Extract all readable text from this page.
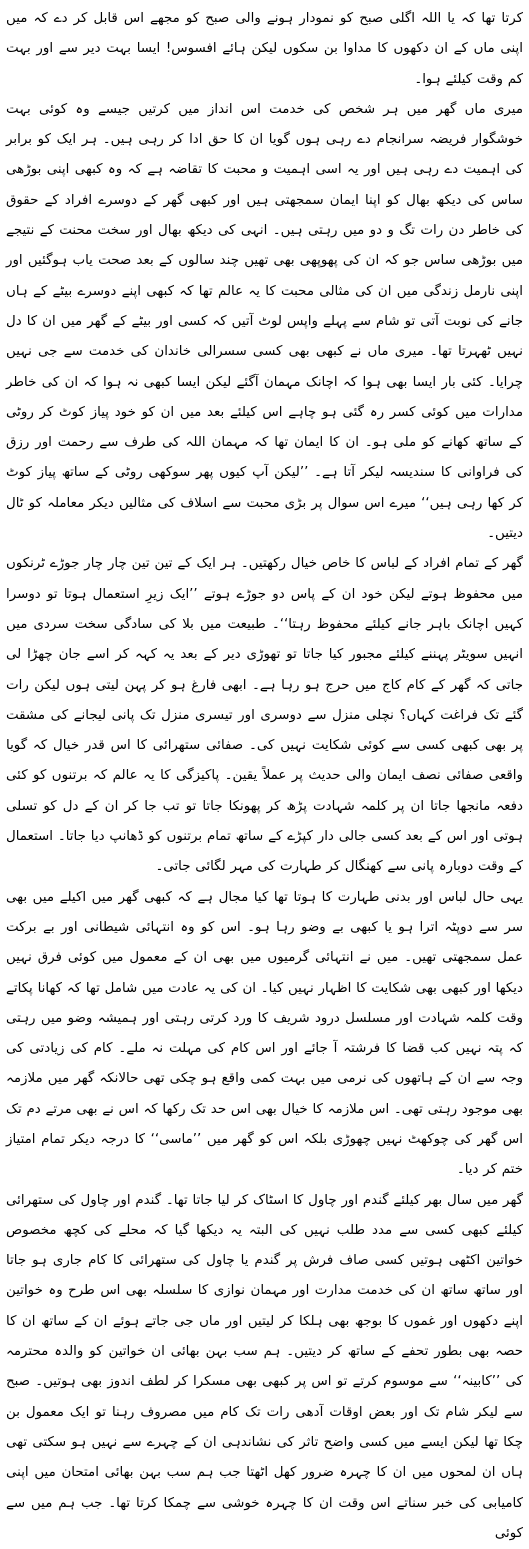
کرتا تھا کہ یا اللہ اگلی صبح کو نمودار ہونے والی صبح کو مجھے اس قابل کر دے کہ میں اپنی ماں کے ان دکھوں کا مداوا بن سکوں لیکن ہائے افسوس! ایسا بہت دیر سے اور بہت کم وقت کیلئے ہوا۔

میری ماں گھر میں ہر شخص کی خدمت اس انداز میں کرتیں جیسے وہ کوئی بہت خوشگوار فریضہ سرانجام دے رہی ہوں گویا ان کا حق ادا کر رہی ہیں۔ ہر ایک کو برابر کی اہمیت دے رہی ہیں اور یہ اسی اہمیت و محبت کا تقاضہ ہے کہ وہ کبھی اپنی بوڑھی ساس کی دیکھ بھال کو اپنا ایمان سمجھتی ہیں اور کبھی گھر کے دوسرے افراد کے حقوق کی خاطر دن رات تگ و دو میں رہتی ہیں۔ انہی کی دیکھ بھال اور سخت محنت کے نتیجے میں بوڑھی ساس جو کہ ان کی پھوپھی بھی تھیں چند سالوں کے بعد صحت یاب ہوگئیں اور اپنی نارمل زندگی میں ان کی مثالی محبت کا یہ عالم تھا کہ کبھی اپنے دوسرے بیٹے کے ہاں جانے کی نوبت آتی تو شام سے پہلے واپس لوٹ آتیں کہ کسی اور بیٹے کے گھر میں ان کا دل نہیں ٹھہرتا تھا۔ میری ماں نے کبھی بھی کسی سسرالی خاندان کی خدمت سے جی نہیں چرایا۔ کئی بار ایسا بھی ہوا کہ اچانک مہمان آگئے لیکن ایسا کبھی نہ ہوا کہ ان کی خاطر مدارات میں کوئی کسر رہ گئی ہو چاہے اس کیلئے بعد میں ان کو خود پیاز کوٹ کر روٹی کے ساتھ کھانے کو ملی ہو۔ ان کا ایمان تھا کہ مہمان اللہ کی طرف سے رحمت اور رزق کی فراوانی کا سندیسہ لیکر آتا ہے۔ ’’لیکن آپ کیوں پھر سوکھی روٹی کے ساتھ پیاز کوٹ کر کھا رہی ہیں‘‘ میرے اس سوال پر بڑی محبت سے اسلاف کی مثالیں دیکر معاملہ کو ٹال دیتیں۔

گھر کے تمام افراد کے لباس کا خاص خیال رکھتیں۔ ہر ایک کے تین تین چار چار جوڑے ٹرنکوں میں محفوظ ہوتے لیکن خود ان کے پاس دو جوڑے ہوتے ’’ایک زیرِ استعمال ہوتا تو دوسرا کہیں اچانک باہر جانے کیلئے محفوظ رہتا‘‘۔ طبیعت میں بلا کی سادگی سخت سردی میں انہیں سویٹر پہننے کیلئے مجبور کیا جاتا تو تھوڑی دیر کے بعد یہ کہہ کر اسے جان چھڑا لی جاتی کہ گھر کے کام کاج میں حرج ہو رہا ہے۔ ابھی فارغ ہو کر پہن لیتی ہوں لیکن رات گئے تک فراغت کہاں؟ نچلی منزل سے دوسری اور تیسری منزل تک پانی لیجانے کی مشقت پر بھی کبھی کسی سے کوئی شکایت نہیں کی۔ صفائی ستھرائی کا اس قدر خیال کہ گویا واقعی صفائی نصف ایمان والی حدیث پر عملاً یقین۔ پاکیزگی کا یہ عالم کہ برتنوں کو کئی دفعہ مانجھا جاتا ان پر کلمہ شہادت پڑھ کر پھونکا جاتا تو تب جا کر ان کے دل کو تسلی ہوتی اور اس کے بعد کسی جالی دار کپڑے کے ساتھ تمام برتنوں کو ڈھانپ دیا جاتا۔ استعمال کے وقت دوبارہ پانی سے کھنگال کر طہارت کی مہر لگائی جاتی۔

یہی حال لباس اور بدنی طہارت کا ہوتا تھا کیا مجال ہے کہ کبھی گھر میں اکیلے میں بھی سر سے دوپٹہ اترا ہو یا کبھی بے وضو رہا ہو۔ اس کو وہ انتہائی شیطانی اور بے برکت عمل سمجھتی تھیں۔ میں نے انتہائی گرمیوں میں بھی ان کے معمول میں کوئی فرق نہیں دیکھا اور کبھی بھی شکایت کا اظہار نہیں کیا۔ ان کی یہ عادت میں شامل تھا کہ کھانا پکاتے وقت کلمہ شہادت اور مسلسل درود شریف کا ورد کرتی رہتی اور ہمیشہ وضو میں رہتی کہ پتہ نہیں کب قضا کا فرشتہ آ جائے اور اس کام کی مہلت نہ ملے۔ کام کی زیادتی کی وجہ سے ان کے ہاتھوں کی نرمی میں بہت کمی واقع ہو چکی تھی حالانکہ گھر میں ملازمہ بھی موجود رہتی تھی۔ اس ملازمہ کا خیال بھی اس حد تک رکھا کہ اس نے بھی مرتے دم تک اس گھر کی چوکھٹ نہیں چھوڑی بلکہ اس کو گھر میں ’’ماسی‘‘ کا درجہ دیکر تمام امتیاز ختم کر دیا۔

گھر میں سال بھر کیلئے گندم اور چاول کا اسٹاک کر لیا جاتا تھا۔ گندم اور چاول کی ستھرائی کیلئے کبھی کسی سے مدد طلب نہیں کی البتہ یہ دیکھا گیا کہ محلے کی کچھ مخصوص خواتین اکٹھی ہوتیں کسی صاف فرش پر گندم یا چاول کی ستھرائی کا کام جاری ہو جاتا اور ساتھ ساتھ ان کی خدمت مدارت اور مہمان نوازی کا سلسلہ بھی اس طرح وہ خواتین اپنے دکھوں اور غموں کا بوجھ بھی ہلکا کر لیتیں اور ماں جی جاتے ہوئے ان کے ساتھ ان کا حصہ بھی بطور تحفے کے ساتھ کر دیتیں۔ ہم سب بہن بھائی ان خواتین کو والدہ محترمہ کی ’’کابینہ‘‘ سے موسوم کرتے تو اس پر کبھی بھی مسکرا کر لطف اندوز بھی ہوتیں۔ صبح سے لیکر شام تک اور بعض اوقات آدھی رات تک کام میں مصروف رہنا تو ایک معمول بن چکا تھا لیکن ایسے میں کسی واضح تاثر کی نشاندہی ان کے چہرے سے نہیں ہو سکتی تھی ہاں ان لمحوں میں ان کا چہرہ ضرور کھل اٹھتا جب ہم سب بہن بھائی امتحان میں اپنی کامیابی کی خبر سناتے اس وقت ان کا چہرہ خوشی سے چمکا کرتا تھا۔ جب ہم میں سے کوئی
